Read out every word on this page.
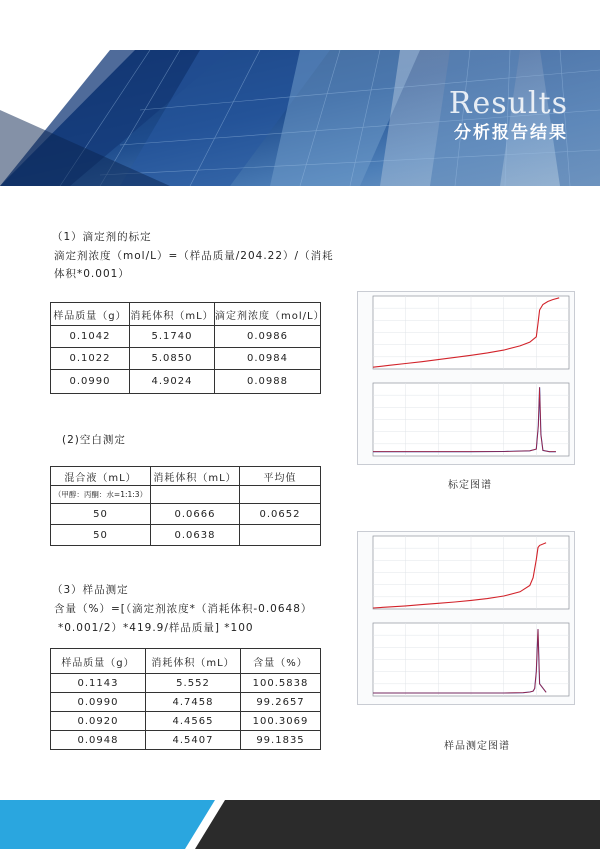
Results
分析报告结果
（1）滴定剂的标定
滴定剂浓度（mol/L）=（样品质量/204.22）/（消耗
体积*0.001）
样品质量（g）	消耗体积（mL）	滴定剂浓度（mol/L）
0.1042	5.1740	0.0986
0.1022	5.0850	0.0984
0.0990	4.9024	0.0988
(2)空白测定
混合液（mL）	消耗体积（mL）	平均值
（甲醇：丙酮：水=1:1:3）		
50	0.0666	0.0652
50	0.0638	
（3）样品测定
含量（%）=[（滴定剂浓度*（消耗体积-0.0648）
*0.001/2）*419.9/样品质量] *100
样品质量（g）	消耗体积（mL）	含量（%）
0.1143	5.552	100.5838
0.0990	4.7458	99.2657
0.0920	4.4565	100.3069
0.0948	4.5407	99.1835
标定图谱
样品测定图谱
